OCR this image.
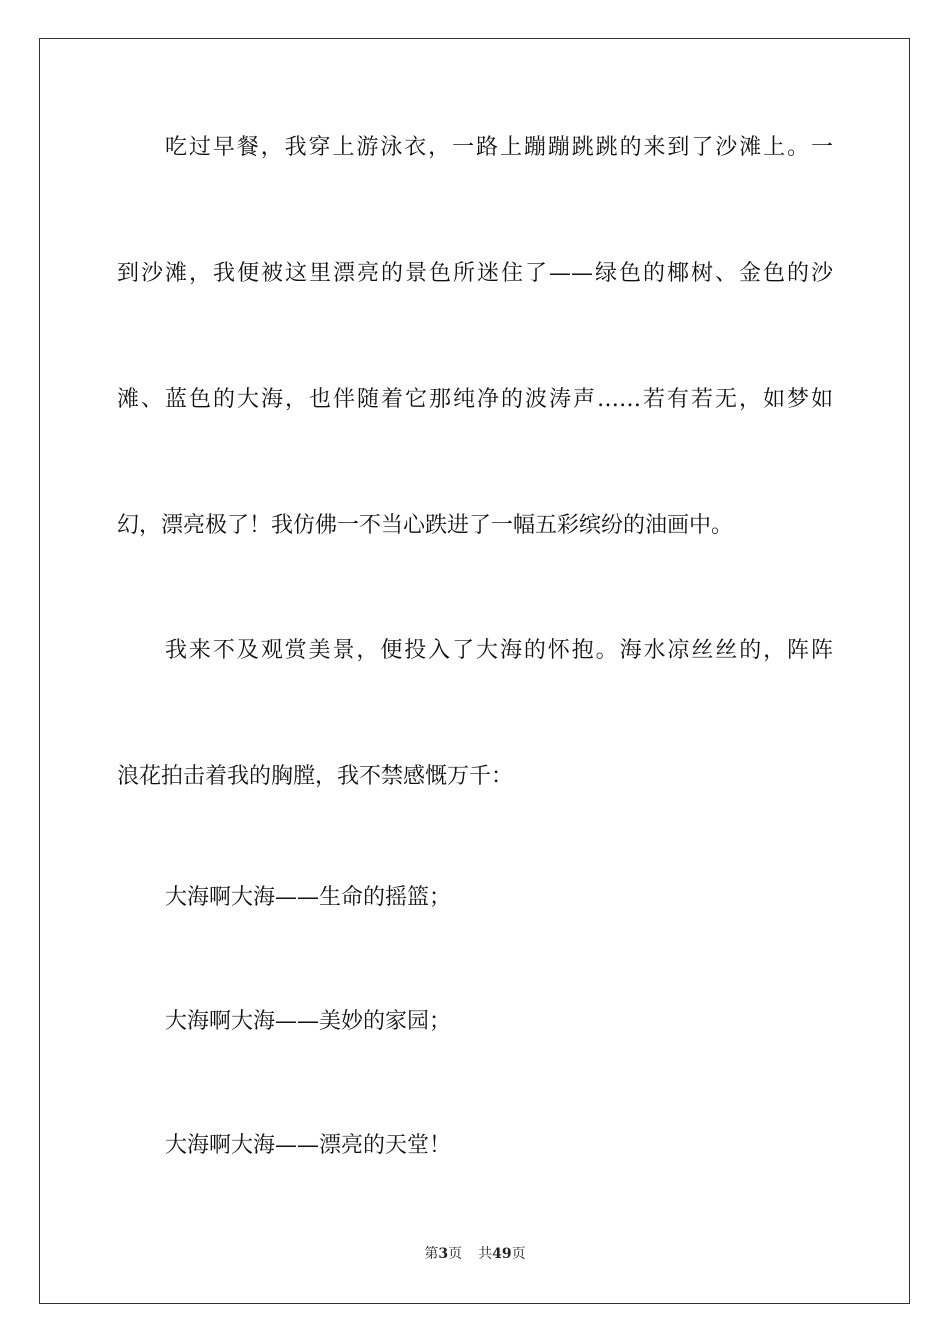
吃过早餐，我穿上游泳衣，一路上蹦蹦跳跳的来到了沙滩上。一
到沙滩，我便被这里漂亮的景色所迷住了——绿色的椰树、金色的沙
滩、蓝色的大海，也伴随着它那纯净的波涛声……若有若无，如梦如
幻，漂亮极了！我仿佛一不当心跌进了一幅五彩缤纷的油画中。
我来不及观赏美景，便投入了大海的怀抱。海水凉丝丝的，阵阵
浪花拍击着我的胸膛，我不禁感慨万千：
大海啊大海——生命的摇篮；
大海啊大海——美妙的家园；
大海啊大海——漂亮的天堂！
第3页 共49页
